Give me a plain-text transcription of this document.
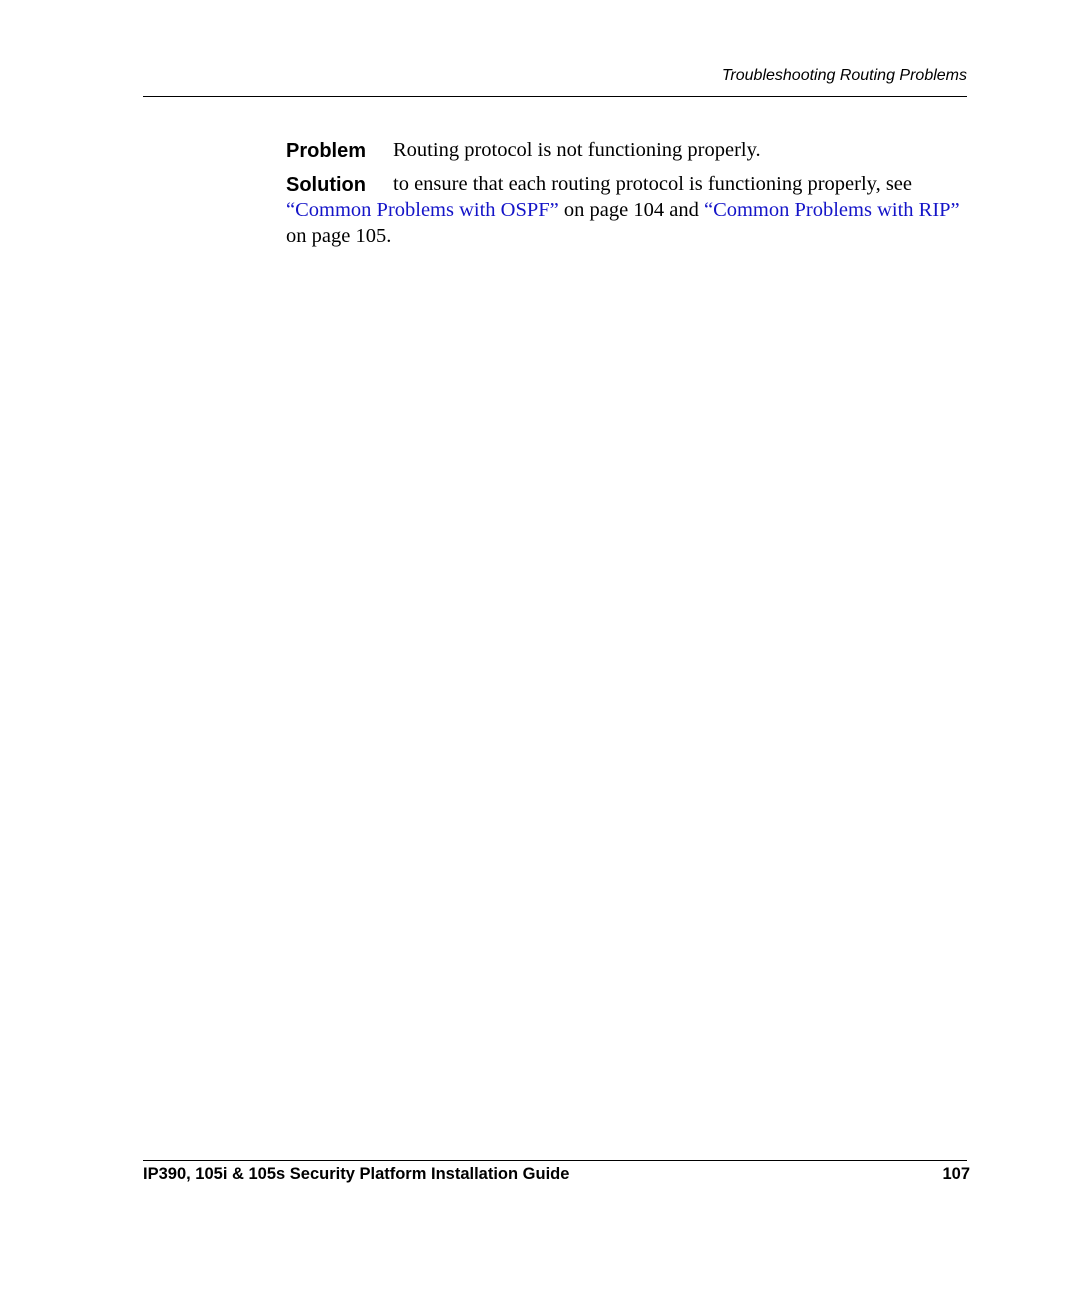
Troubleshooting Routing Problems
Problem	Routing protocol is not functioning properly.

Solution	to ensure that each routing protocol is functioning properly, see “Common Problems with OSPF” on page 104 and “Common Problems with RIP” on page 105.

IP390, 105i & 105s Security Platform Installation Guide	107
